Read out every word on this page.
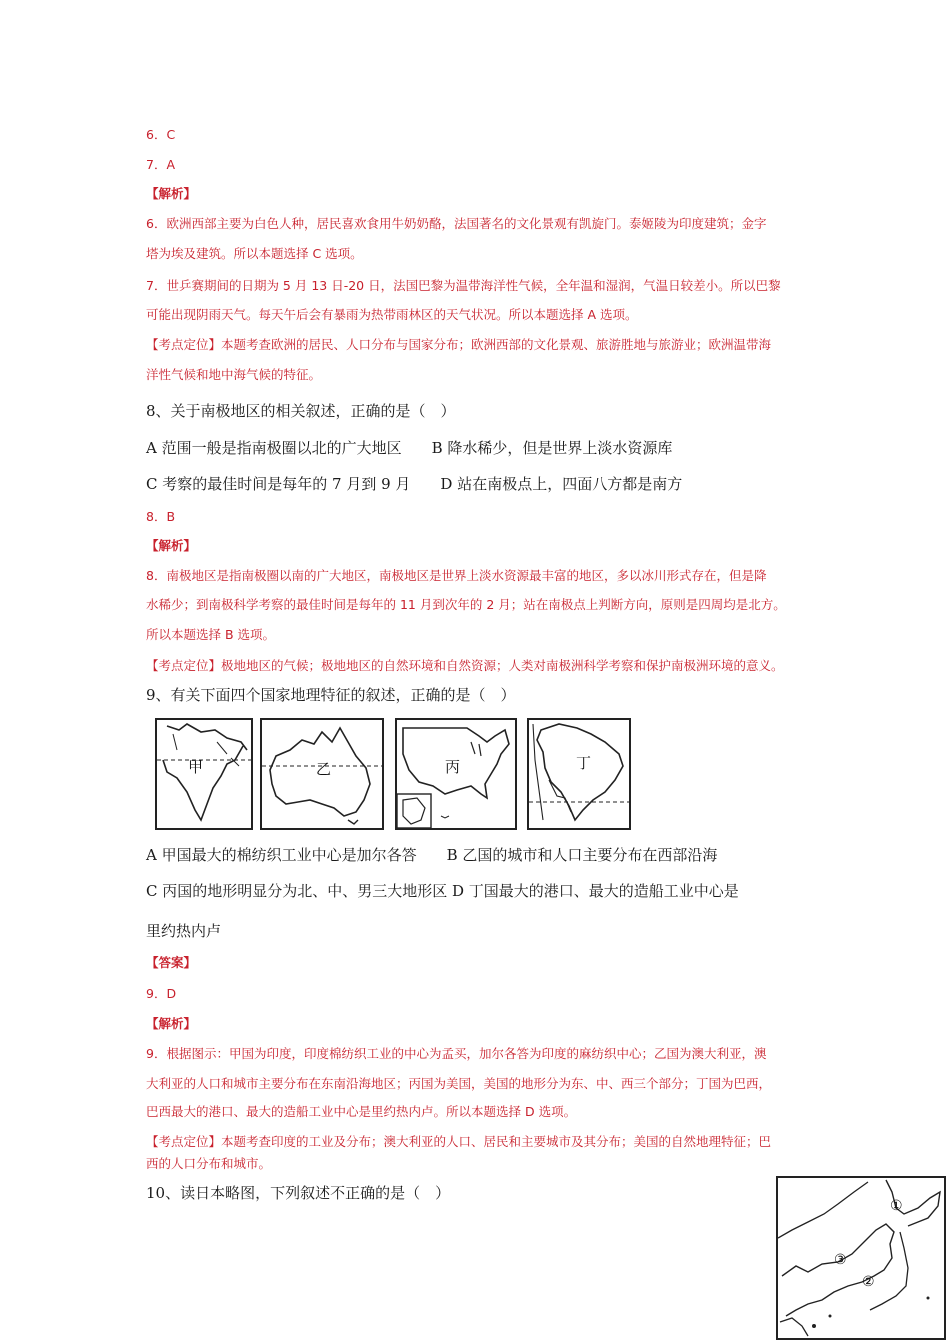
6．C
7．A
【解析】
6．欧洲西部主要为白色人种，居民喜欢食用牛奶奶酪，法国著名的文化景观有凯旋门。泰姬陵为印度建筑；金字
塔为埃及建筑。所以本题选择 C 选项。
7．世乒赛期间的日期为 5 月 13 日-20 日，法国巴黎为温带海洋性气候，全年温和湿润，气温日较差小。所以巴黎
可能出现阴雨天气。每天午后会有暴雨为热带雨林区的天气状况。所以本题选择 A 选项。
【考点定位】本题考查欧洲的居民、人口分布与国家分布；欧洲西部的文化景观、旅游胜地与旅游业；欧洲温带海
洋性气候和地中海气候的特征。
8、关于南极地区的相关叙述，正确的是（　）
A 范围一般是指南极圈以北的广大地区　　B 降水稀少，但是世界上淡水资源库
C 考察的最佳时间是每年的 7 月到 9 月　　D 站在南极点上，四面八方都是南方
8．B
【解析】
8．南极地区是指南极圈以南的广大地区，南极地区是世界上淡水资源最丰富的地区，多以冰川形式存在，但是降
水稀少；到南极科学考察的最佳时间是每年的 11 月到次年的 2 月；站在南极点上判断方向，原则是四周均是北方。
所以本题选择 B 选项。
【考点定位】极地地区的气候；极地地区的自然环境和自然资源；人类对南极洲科学考察和保护南极洲环境的意义。
9、有关下面四个国家地理特征的叙述，正确的是（　）
甲	乙	丙	丁
A 甲国最大的棉纺织工业中心是加尔各答　　B 乙国的城市和人口主要分布在西部沿海
C 丙国的地形明显分为北、中、男三大地形区 D 丁国最大的港口、最大的造船工业中心是
里约热内卢
【答案】
9．D
【解析】
9．根据图示：甲国为印度，印度棉纺织工业的中心为孟买，加尔各答为印度的麻纺织中心；乙国为澳大利亚，澳
大利亚的人口和城市主要分布在东南沿海地区；丙国为美国，美国的地形分为东、中、西三个部分；丁国为巴西，
巴西最大的港口、最大的造船工业中心是里约热内卢。所以本题选择 D 选项。
【考点定位】本题考查印度的工业及分布；澳大利亚的人口、居民和主要城市及其分布；美国的自然地理特征；巴
西的人口分布和城市。
10、读日本略图，下列叙述不正确的是（　）
①
③
②
